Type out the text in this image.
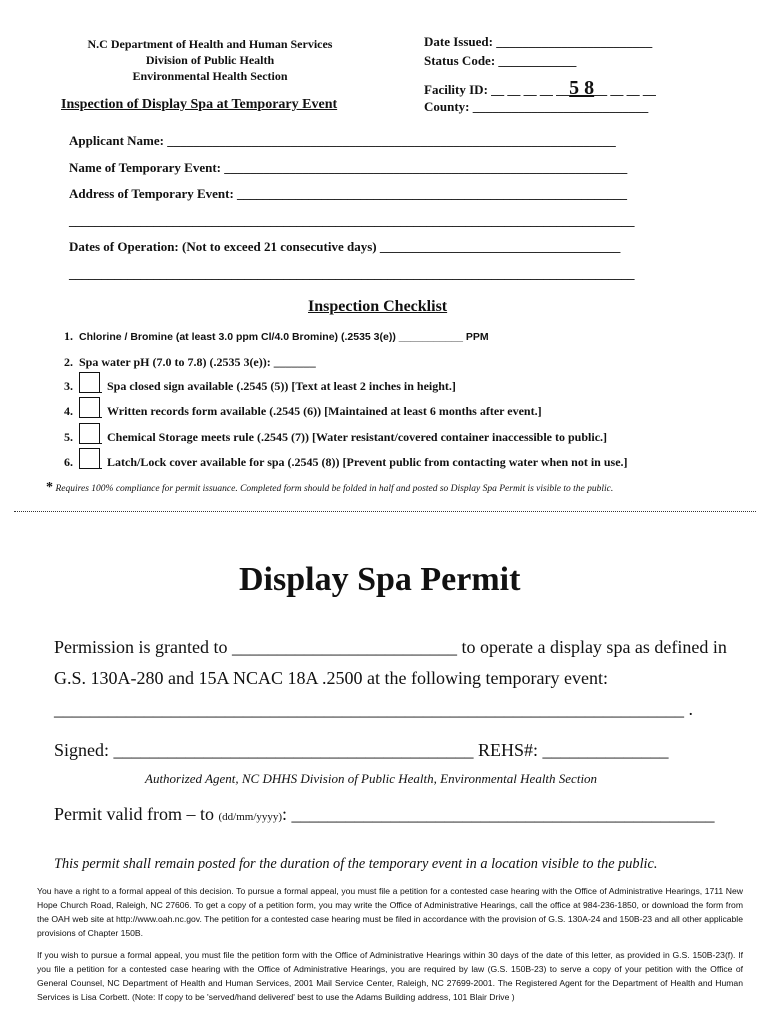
N.C Department of Health and Human Services
Division of Public Health
Environmental Health Section
Inspection of Display Spa at Temporary Event
Date Issued: ________________________
Status Code: ____________
Facility ID: __ __ __ __ __5 8__ __ __ __
County: ___________________________
Applicant Name: _____________________________________________________________________
Name of Temporary Event: ______________________________________________________________
Address of Temporary Event: ____________________________________________________________
_______________________________________________________________________________________
Dates of Operation: (Not to exceed 21 consecutive days) _____________________________________
_______________________________________________________________________________________
Inspection Checklist
1. Chlorine / Bromine (at least 3.0 ppm Cl/4.0 Bromine) (.2535 3(e)) ___________ PPM
2. Spa water pH (7.0 to 7.8) (.2535 3(e)): _______
3.	Spa closed sign available (.2545 (5)) [Text at least 2 inches in height.]
4.	Written records form available (.2545 (6)) [Maintained at least 6 months after event.]
5.	Chemical Storage meets rule (.2545 (7)) [Water resistant/covered container inaccessible to public.]
6.	Latch/Lock cover available for spa (.2545 (8)) [Prevent public from contacting water when not in use.]
* Requires 100% compliance for permit issuance. Completed form should be folded in half and posted so Display Spa Permit is visible to the public.
Display Spa Permit
Permission is granted to _________________________ to operate a display spa as defined in
G.S. 130A-280 and 15A NCAC 18A .2500 at the following temporary event:
______________________________________________________________________ .
Signed: ________________________________________ REHS#: ______________
Authorized Agent, NC DHHS Division of Public Health, Environmental Health Section
Permit valid from – to (dd/mm/yyyy): _______________________________________________
This permit shall remain posted for the duration of the temporary event in a location visible to the public.
You have a right to a formal appeal of this decision. To pursue a formal appeal, you must file a petition for a contested case hearing with the Office of Administrative Hearings, 1711 New Hope Church Road, Raleigh, NC 27606. To get a copy of a petition form, you may write the Office of Administrative Hearings, call the office at 984-236-1850, or download the form from the OAH web site at http://www.oah.nc.gov. The petition for a contested case hearing must be filed in accordance with the provision of G.S. 130A-24 and 150B-23 and all other applicable provisions of Chapter 150B.
If you wish to pursue a formal appeal, you must file the petition form with the Office of Administrative Hearings within 30 days of the date of this letter, as provided in G.S. 150B-23(f). If you file a petition for a contested case hearing with the Office of Administrative Hearings, you are required by law (G.S. 150B-23) to serve a copy of your petition with the Office of General Counsel, NC Department of Health and Human Services, 2001 Mail Service Center, Raleigh, NC 27699-2001. The Registered Agent for the Department of Health and Human Services is Lisa Corbett. (Note: If copy to be 'served/hand delivered' best to use the Adams Building address, 101 Blair Drive )
